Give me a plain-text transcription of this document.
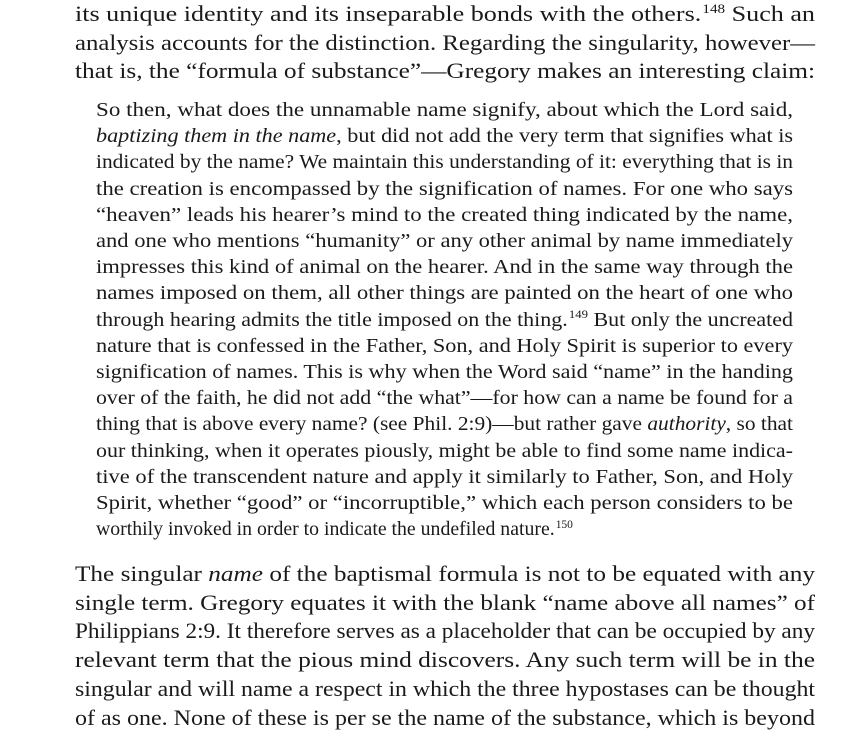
its unique identity and its inseparable bonds with the others.$^{148}$ Such an
analysis accounts for the distinction. Regarding the singularity, however—
that is, the “formula of substance”—Gregory makes an interesting claim:
So then, what does the unnamable name signify, about which the Lord said,
baptizing them in the name, but did not add the very term that signifies what is
indicated by the name? We maintain this understanding of it: everything that is in
the creation is encompassed by the signification of names. For one who says
“heaven” leads his hearer’s mind to the created thing indicated by the name,
and one who mentions “humanity” or any other animal by name immediately
impresses this kind of animal on the hearer. And in the same way through the
names imposed on them, all other things are painted on the heart of one who
through hearing admits the title imposed on the thing.$^{149}$ But only the uncreated
nature that is confessed in the Father, Son, and Holy Spirit is superior to every
signification of names. This is why when the Word said “name” in the handing
over of the faith, he did not add “the what”—for how can a name be found for a
thing that is above every name? (see Phil. 2:9)—but rather gave authority, so that
our thinking, when it operates piously, might be able to find some name indica-
tive of the transcendent nature and apply it similarly to Father, Son, and Holy
Spirit, whether “good” or “incorruptible,” which each person considers to be
worthily invoked in order to indicate the undefiled nature.$^{150}$
The singular name of the baptismal formula is not to be equated with any
single term. Gregory equates it with the blank “name above all names” of
Philippians 2:9. It therefore serves as a placeholder that can be occupied by any
relevant term that the pious mind discovers. Any such term will be in the
singular and will name a respect in which the three hypostases can be thought
of as one. None of these is per se the name of the substance, which is beyond
